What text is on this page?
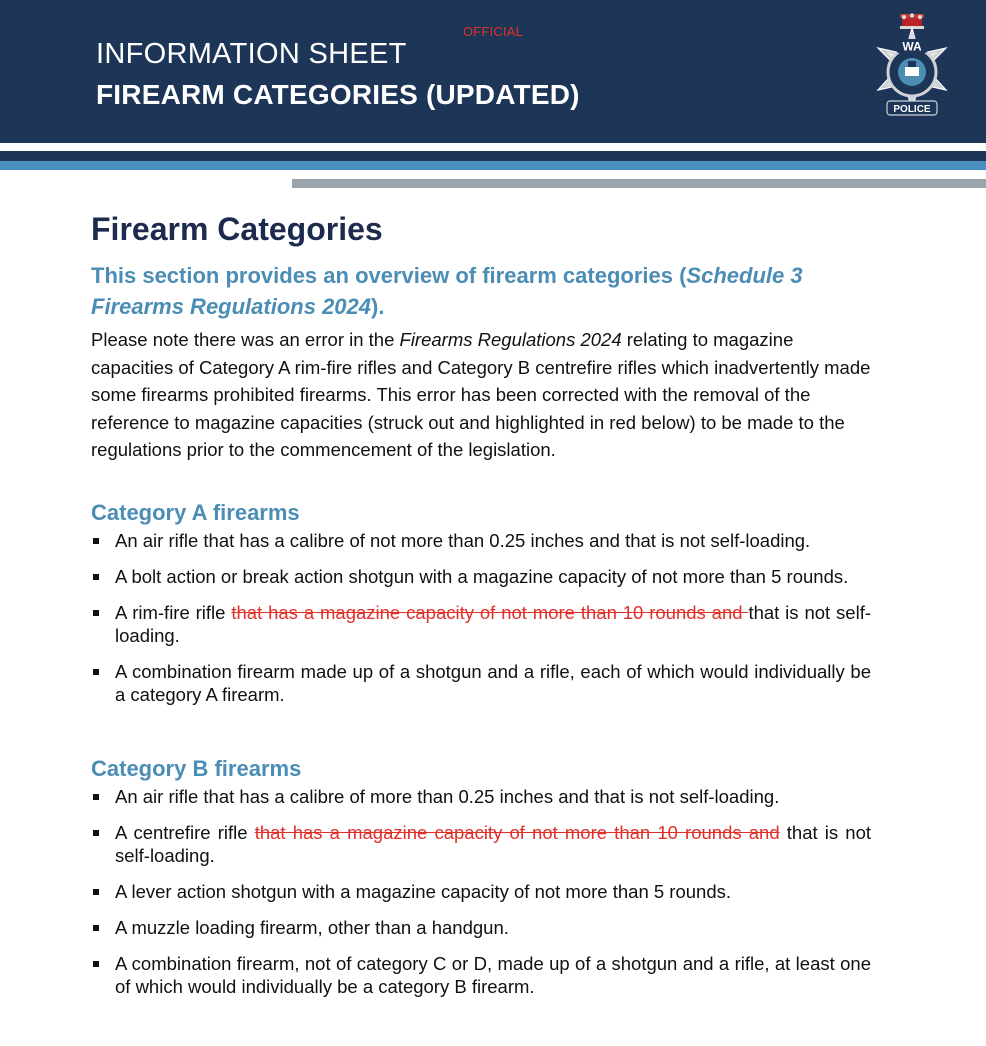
OFFICIAL
INFORMATION SHEET
FIREARM CATEGORIES (UPDATED)
WA
POLICE
Firearm Categories

This section provides an overview of firearm categories (Schedule 3 Firearms Regulations 2024).

Please note there was an error in the Firearms Regulations 2024 relating to magazine capacities of Category A rim-fire rifles and Category B centrefire rifles which inadvertently made some firearms prohibited firearms. This error has been corrected with the removal of the reference to magazine capacities (struck out and highlighted in red below) to be made to the regulations prior to the commencement of the legislation.

Category A firearms
An air rifle that has a calibre of not more than 0.25 inches and that is not self-loading.
A bolt action or break action shotgun with a magazine capacity of not more than 5 rounds.
A rim-fire rifle that has a magazine capacity of not more than 10 rounds and that is not self-loading.
A combination firearm made up of a shotgun and a rifle, each of which would individually be a category A firearm.
Category B firearms
An air rifle that has a calibre of more than 0.25 inches and that is not self-loading.
A centrefire rifle that has a magazine capacity of not more than 10 rounds and that is not self-loading.
A lever action shotgun with a magazine capacity of not more than 5 rounds.
A muzzle loading firearm, other than a handgun.
A combination firearm, not of category C or D, made up of a shotgun and a rifle, at least one of which would individually be a category B firearm.
